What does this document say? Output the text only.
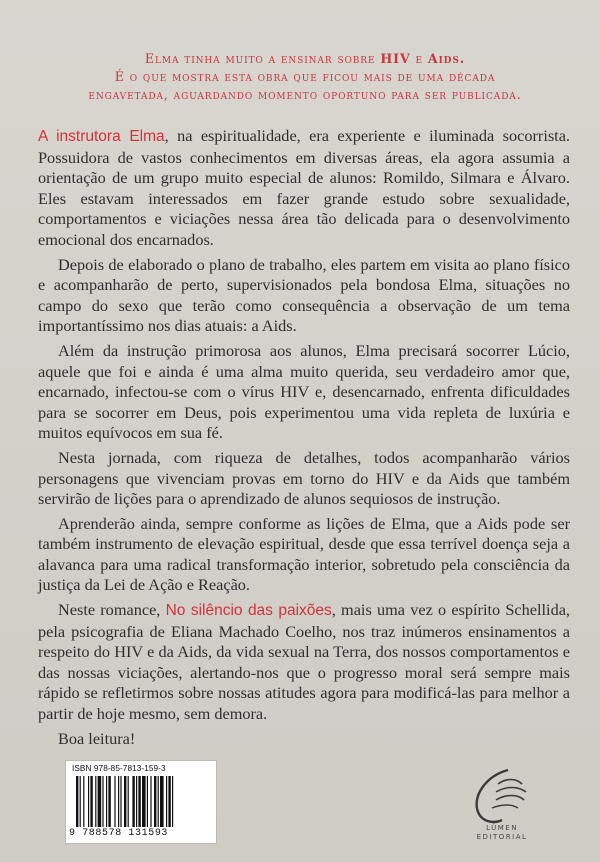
Elma tinha muito a ensinar sobre HIV e Aids.
É o que mostra esta obra que ficou mais de uma década
engavetada, aguardando momento oportuno para ser publicada.

A instrutora Elma, na espiritualidade, era experiente e iluminada socorrista. Possuidora de vastos conhecimentos em diversas áreas, ela agora assumia a orientação de um grupo muito especial de alunos: Romildo, Silmara e Álvaro. Eles estavam interessados em fazer grande estudo sobre sexualidade, comportamentos e viciações nessa área tão delicada para o desenvolvimento emocional dos encarnados.

Depois de elaborado o plano de trabalho, eles partem em visita ao plano físico e acompanharão de perto, supervisionados pela bondosa Elma, situações no campo do sexo que terão como consequência a observação de um tema importantíssimo nos dias atuais: a Aids.

Além da instrução primorosa aos alunos, Elma precisará socorrer Lúcio, aquele que foi e ainda é uma alma muito querida, seu verdadeiro amor que, encarnado, infectou-se com o vírus HIV e, desencarnado, enfrenta dificuldades para se socorrer em Deus, pois experimentou uma vida repleta de luxúria e muitos equívocos em sua fé.

Nesta jornada, com riqueza de detalhes, todos acompanharão vários personagens que vivenciam provas em torno do HIV e da Aids que também servirão de lições para o aprendizado de alunos sequiosos de instrução.

Aprenderão ainda, sempre conforme as lições de Elma, que a Aids pode ser também instrumento de elevação espiritual, desde que essa terrível doença seja a alavanca para uma radical transformação interior, sobretudo pela consciência da justiça da Lei de Ação e Reação.

Neste romance, No silêncio das paixões, mais uma vez o espírito Schellida, pela psicografia de Eliana Machado Coelho, nos traz inúmeros ensinamentos a respeito do HIV e da Aids, da vida sexual na Terra, dos nossos comportamentos e das nossas viciações, alertando-nos que o progresso moral será sempre mais rápido se refletirmos sobre nossas atitudes agora para modificá-las para melhor a partir de hoje mesmo, sem demora.

Boa leitura!

ISBN 978-85-7813-159-3
9 788578 131593	LÚMEN
EDITORIAL
